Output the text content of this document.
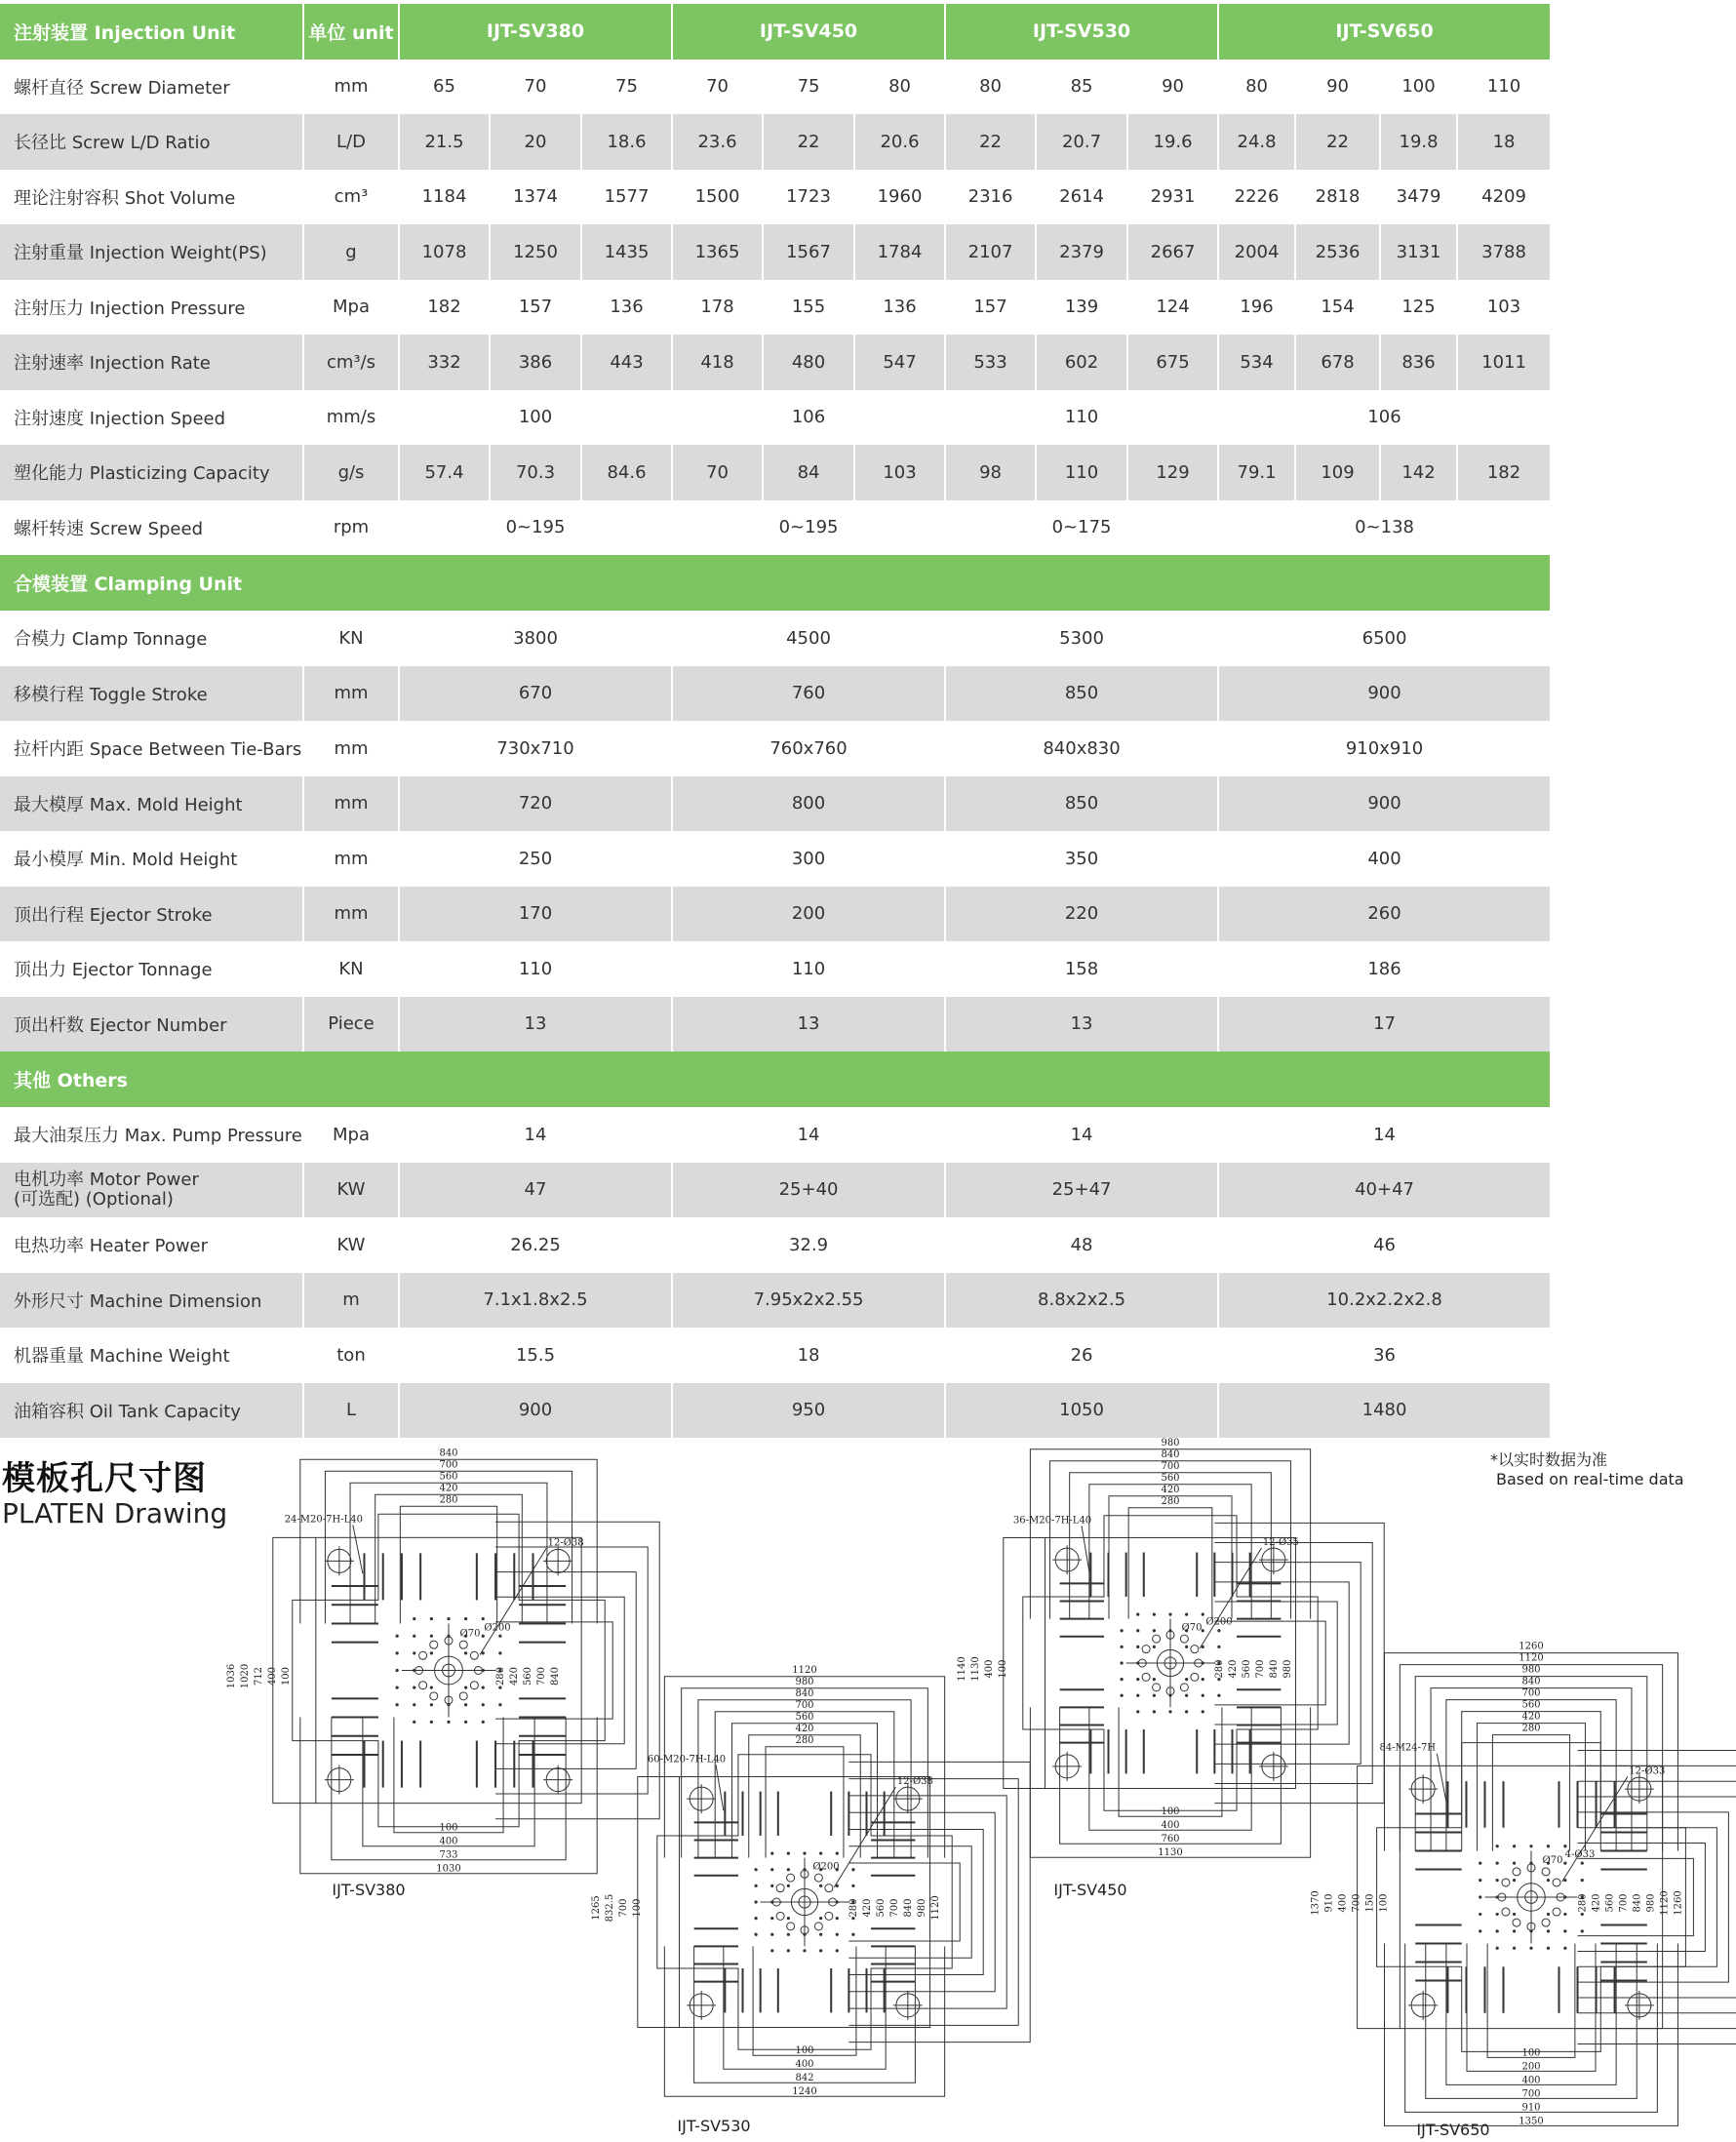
注射装置 Injection Unit	单位 unit	IJT-SV380			IJT-SV450			IJT-SV530			IJT-SV650			
螺杆直径 Screw Diameter	mm	65	70	75	70	75	80	80	85	90	80	90	100	110
长径比 Screw L/D Ratio	L/D	21.5	20	18.6	23.6	22	20.6	22	20.7	19.6	24.8	22	19.8	18
理论注射容积 Shot Volume	cm³	1184	1374	1577	1500	1723	1960	2316	2614	2931	2226	2818	3479	4209
注射重量 Injection Weight(PS)	g	1078	1250	1435	1365	1567	1784	2107	2379	2667	2004	2536	3131	3788
注射压力 Injection Pressure	Mpa	182	157	136	178	155	136	157	139	124	196	154	125	103
注射速率 Injection Rate	cm³/s	332	386	443	418	480	547	533	602	675	534	678	836	1011
注射速度 Injection Speed	mm/s	100			106			110			106			
塑化能力 Plasticizing Capacity	g/s	57.4	70.3	84.6	70	84	103	98	110	129	79.1	109	142	182
螺杆转速 Screw Speed	rpm	0~195			0~195			0~175			0~138			
合模装置 Clamping Unit														
合模力 Clamp Tonnage	KN	3800			4500			5300			6500			
移模行程 Toggle Stroke	mm	670			760			850			900			
拉杆内距 Space Between Tie-Bars	mm	730x710			760x760			840x830			910x910			
最大模厚 Max. Mold Height	mm	720			800			850			900			
最小模厚 Min. Mold Height	mm	250			300			350			400			
顶出行程 Ejector Stroke	mm	170			200			220			260			
顶出力 Ejector Tonnage	KN	110			110			158			186			
顶出杆数 Ejector Number	Piece	13			13			13			17			
其他 Others														
最大油泵压力 Max. Pump Pressure	Mpa	14			14			14			14			

电机功率 Motor Power
(可选配) (Optional)	KW	47			25+40			25+47			40+47			
电热功率 Heater Power	KW	26.25			32.9			48			46			
外形尺寸 Machine Dimension	m	7.1x1.8x2.5			7.95x2x2.55			8.8x2x2.5			10.2x2.2x2.8			
机器重量 Machine Weight	ton	15.5			18			26			36			
油箱容积 Oil Tank Capacity	L	900			950			1050			1480			
模板孔尺寸图
PLATEN Drawing
*以实时数据为准
Based on real-time data
840
700
560
420
280
280 420 560 700 840
1036 1020 712 400 100
100
400
733
1030
24-M20-7H-L40
12-Ø38
Ø70
Ø200
IJT-SV380
1120
980
840
700
560
420
280
280 420 560 700 840 980 1120
1265 832.5 700 100
100
400
842
1240
60-M20-7H-L40
12-Ø38
Ø200
IJT-SV530
980
840
700
560
420
280
280 420 560 700 840 980
1140 1130 400 100
100
400
760
1130
36-M20-7H-L40
12-Ø35
Ø70
Ø200
IJT-SV450
1260
1120
980
840
700
560
420
280
280 420 560 700 840 980 1120 1260
1370 910 400 700 150 100
100
200
400
700
910
1350
84-M24-7H
12-Ø33
Ø70
4-Ø33
IJT-SV650
